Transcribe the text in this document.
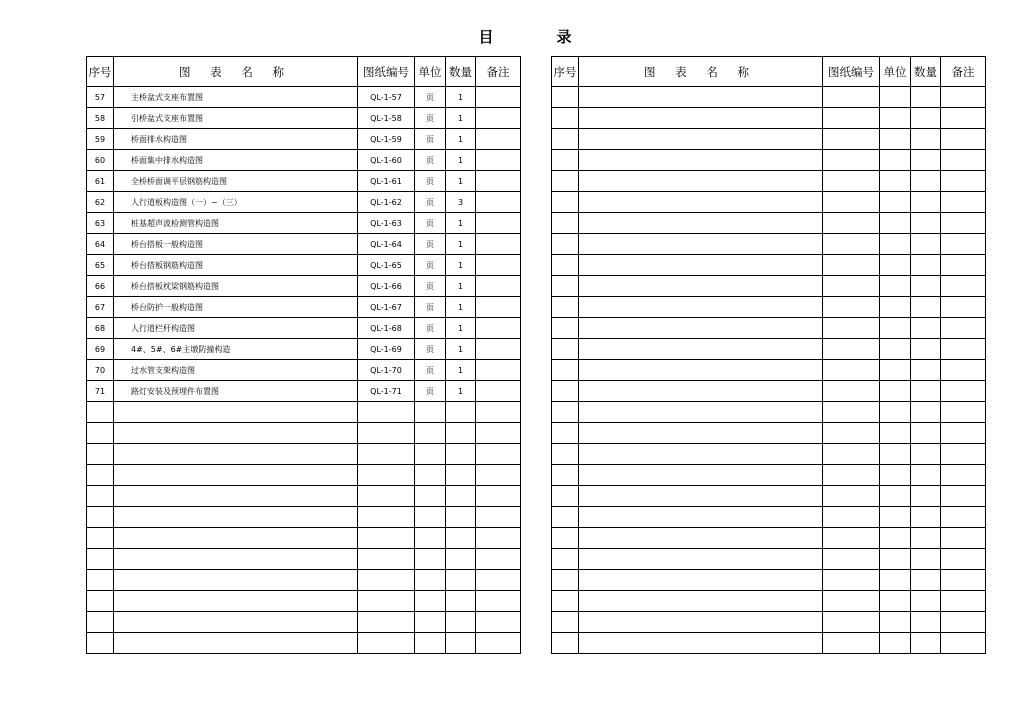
目　录
序号	图 表 名 称	图纸编号	单位	数量	备注
57	主桥盆式支座布置图	QL-1-57	页	1	
58	引桥盆式支座布置图	QL-1-58	页	1	
59	桥面排水构造图	QL-1-59	页	1	
60	桥面集中排水构造图	QL-1-60	页	1	
61	全桥桥面调平层钢筋构造图	QL-1-61	页	1	
62	人行道板构造图（一）~（三）	QL-1-62	页	3	
63	桩基超声波检测管构造图	QL-1-63	页	1	
64	桥台搭板一般构造图	QL-1-64	页	1	
65	桥台搭板钢筋构造图	QL-1-65	页	1	
66	桥台搭板枕梁钢筋构造图	QL-1-66	页	1	
67	桥台防护一般构造图	QL-1-67	页	1	
68	人行道栏杆构造图	QL-1-68	页	1	
69	4#、5#、6#主墩防撞构造	QL-1-69	页	1	
70	过水管支架构造图	QL-1-70	页	1	
71	路灯安装及预埋件布置图	QL-1-71	页	1	

序号	图 表 名 称	图纸编号	单位	数量	备注
